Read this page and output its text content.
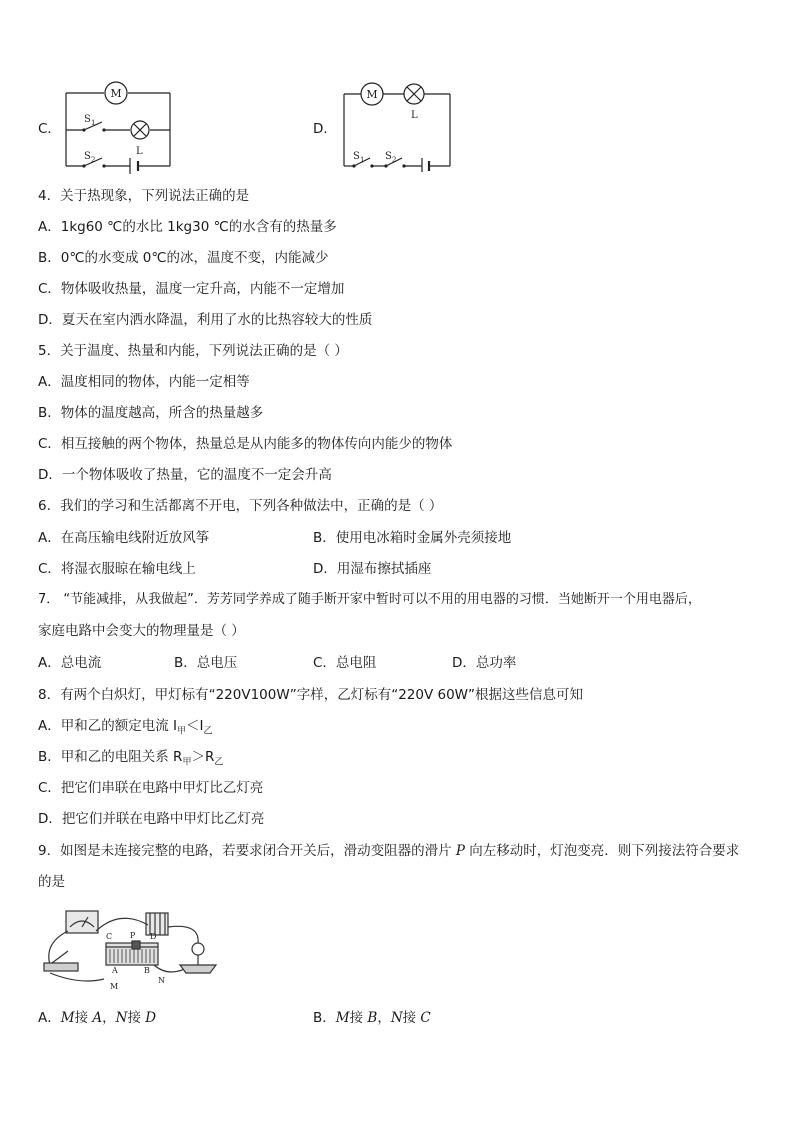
C．
M
S 1
S 2
L
D．
M
L
S 1 S 2
4．关于热现象，下列说法正确的是
A．1kg60 ℃的水比 1kg30 ℃的水含有的热量多
B．0℃的水变成 0℃的冰，温度不变，内能减少
C．物体吸收热量，温度一定升高，内能不一定增加
D．夏天在室内洒水降温，利用了水的比热容较大的性质
5．关于温度、热量和内能，下列说法正确的是（ ）
A．温度相同的物体，内能一定相等
B．物体的温度越高，所含的热量越多
C．相互接触的两个物体，热量总是从内能多的物体传向内能少的物体
D．一个物体吸收了热量，它的温度不一定会升高
6．我们的学习和生活都离不开电，下列各种做法中，正确的是（ ）
A．在高压输电线附近放风筝	B．使用电冰箱时金属外壳须接地
C．将湿衣服晾在输电线上	D．用湿布擦拭插座
7． “节能减排，从我做起”．芳芳同学养成了随手断开家中暂时可以不用的用电器的习惯．当她断开一个用电器后，
家庭电路中会变大的物理量是（ ）
A．总电流	B．总电压	C．总电阻	D．总功率
8．有两个白炽灯，甲灯标有“220V100W”字样，乙灯标有“220V 60W”根据这些信息可知
A．甲和乙的额定电流 $I_甲<I_乙$
B．甲和乙的电阻关系 $R_甲>R_乙$
C．把它们串联在电路中甲灯比乙灯亮
D．把它们并联在电路中甲灯比乙灯亮
9．如图是未连接完整的电路，若要求闭合开关后，滑动变阻器的滑片 P 向左移动时，灯泡变亮．则下列接法符合要求
的是
C P D
A	B
M
N
A．M接 A，N接 D	B．M接 B，N接 C
